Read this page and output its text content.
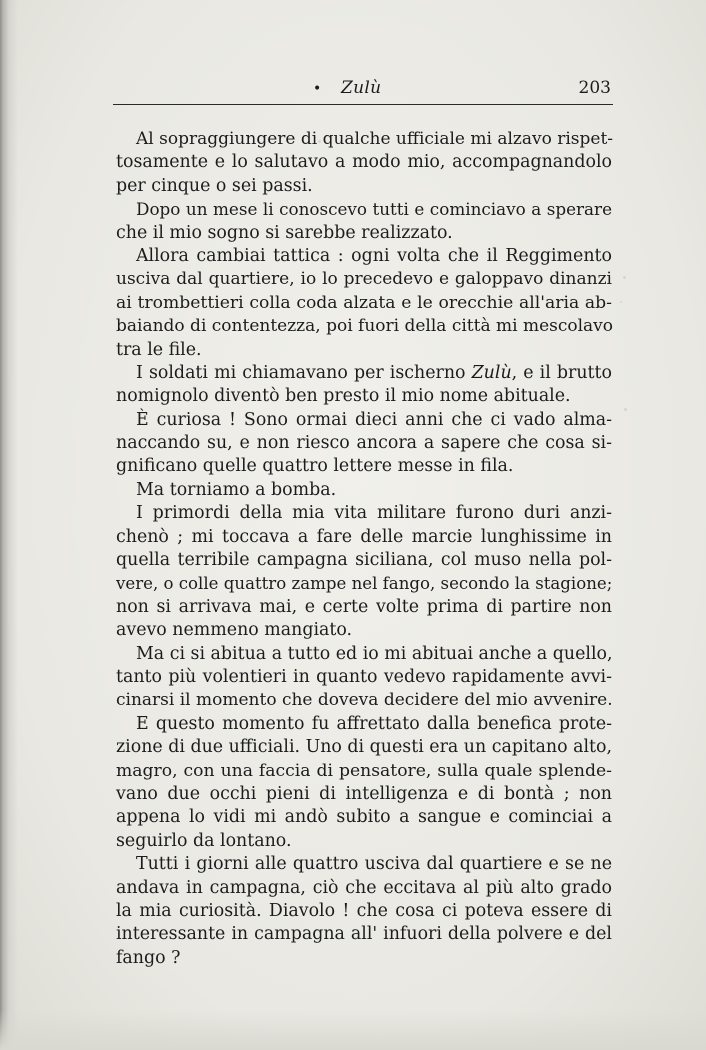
• Zulù	203
Al sopraggiungere di qualche ufficiale mi alzavo rispet-
tosamente e lo salutavo a modo mio, accompagnandolo
per cinque o sei passi.
Dopo un mese li conoscevo tutti e cominciavo a sperare
che il mio sogno si sarebbe realizzato.
Allora cambiai tattica : ogni volta che il Reggimento
usciva dal quartiere, io lo precedevo e galoppavo dinanzi
ai trombettieri colla coda alzata e le orecchie all'aria ab-
baiando di contentezza, poi fuori della città mi mescolavo
tra le file.
I soldati mi chiamavano per ischerno Zulù, e il brutto
nomignolo diventò ben presto il mio nome abituale.
È curiosa ! Sono ormai dieci anni che ci vado alma-
naccando su, e non riesco ancora a sapere che cosa si-
gnificano quelle quattro lettere messe in fila.
Ma torniamo a bomba.
I primordi della mia vita militare furono duri anzi-
chenò ; mi toccava a fare delle marcie lunghissime in
quella terribile campagna siciliana, col muso nella pol-
vere, o colle quattro zampe nel fango, secondo la stagione;
non si arrivava mai, e certe volte prima di partire non
avevo nemmeno mangiato.
Ma ci si abitua a tutto ed io mi abituai anche a quello,
tanto più volentieri in quanto vedevo rapidamente avvi-
cinarsi il momento che doveva decidere del mio avvenire.
E questo momento fu affrettato dalla benefica prote-
zione di due ufficiali. Uno di questi era un capitano alto,
magro, con una faccia di pensatore, sulla quale splende-
vano due occhi pieni di intelligenza e di bontà ; non
appena lo vidi mi andò subito a sangue e cominciai a
seguirlo da lontano.
Tutti i giorni alle quattro usciva dal quartiere e se ne
andava in campagna, ciò che eccitava al più alto grado
la mia curiosità. Diavolo ! che cosa ci poteva essere di
interessante in campagna all' infuori della polvere e del
fango ?
